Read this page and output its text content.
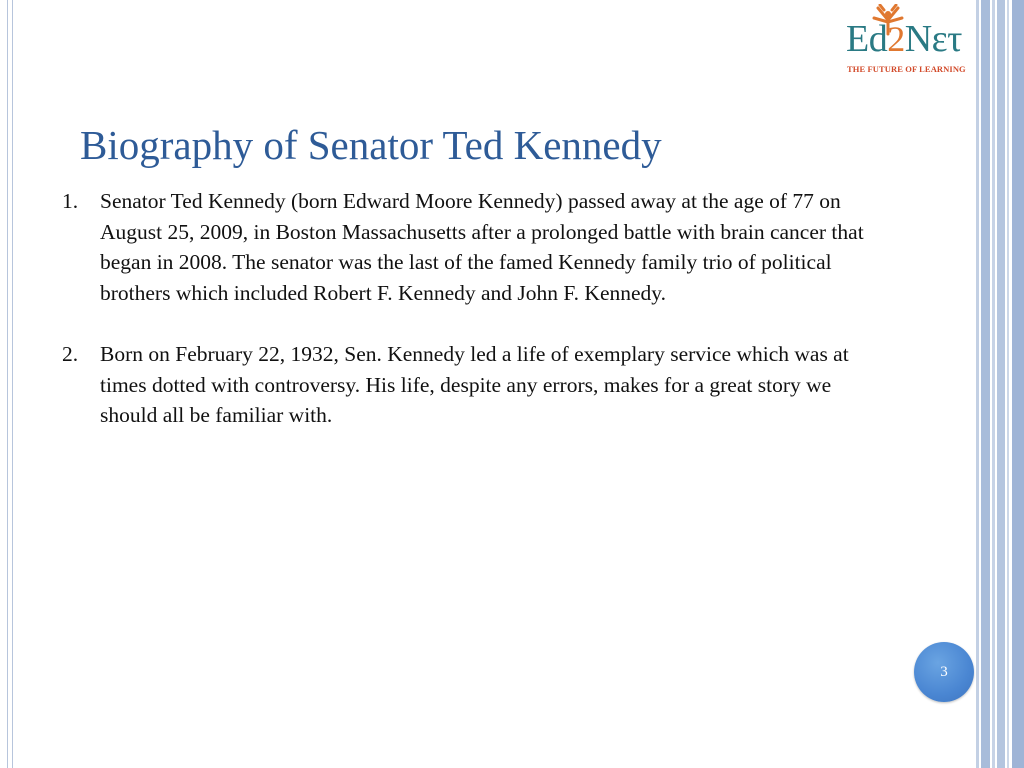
Ed2Nετ
THE FUTURE OF LEARNING
Biography of Senator Ted Kennedy
1. Senator Ted Kennedy (born Edward Moore Kennedy) passed away at the age of 77 on August 25, 2009, in Boston Massachusetts after a prolonged battle with brain cancer that began in 2008. The senator was the last of the famed Kennedy family trio of political brothers which included Robert F. Kennedy and John F. Kennedy.
2. Born on February 22, 1932, Sen. Kennedy led a life of exemplary service which was at times dotted with controversy. His life, despite any errors, makes for a great story we should all be familiar with.
3
